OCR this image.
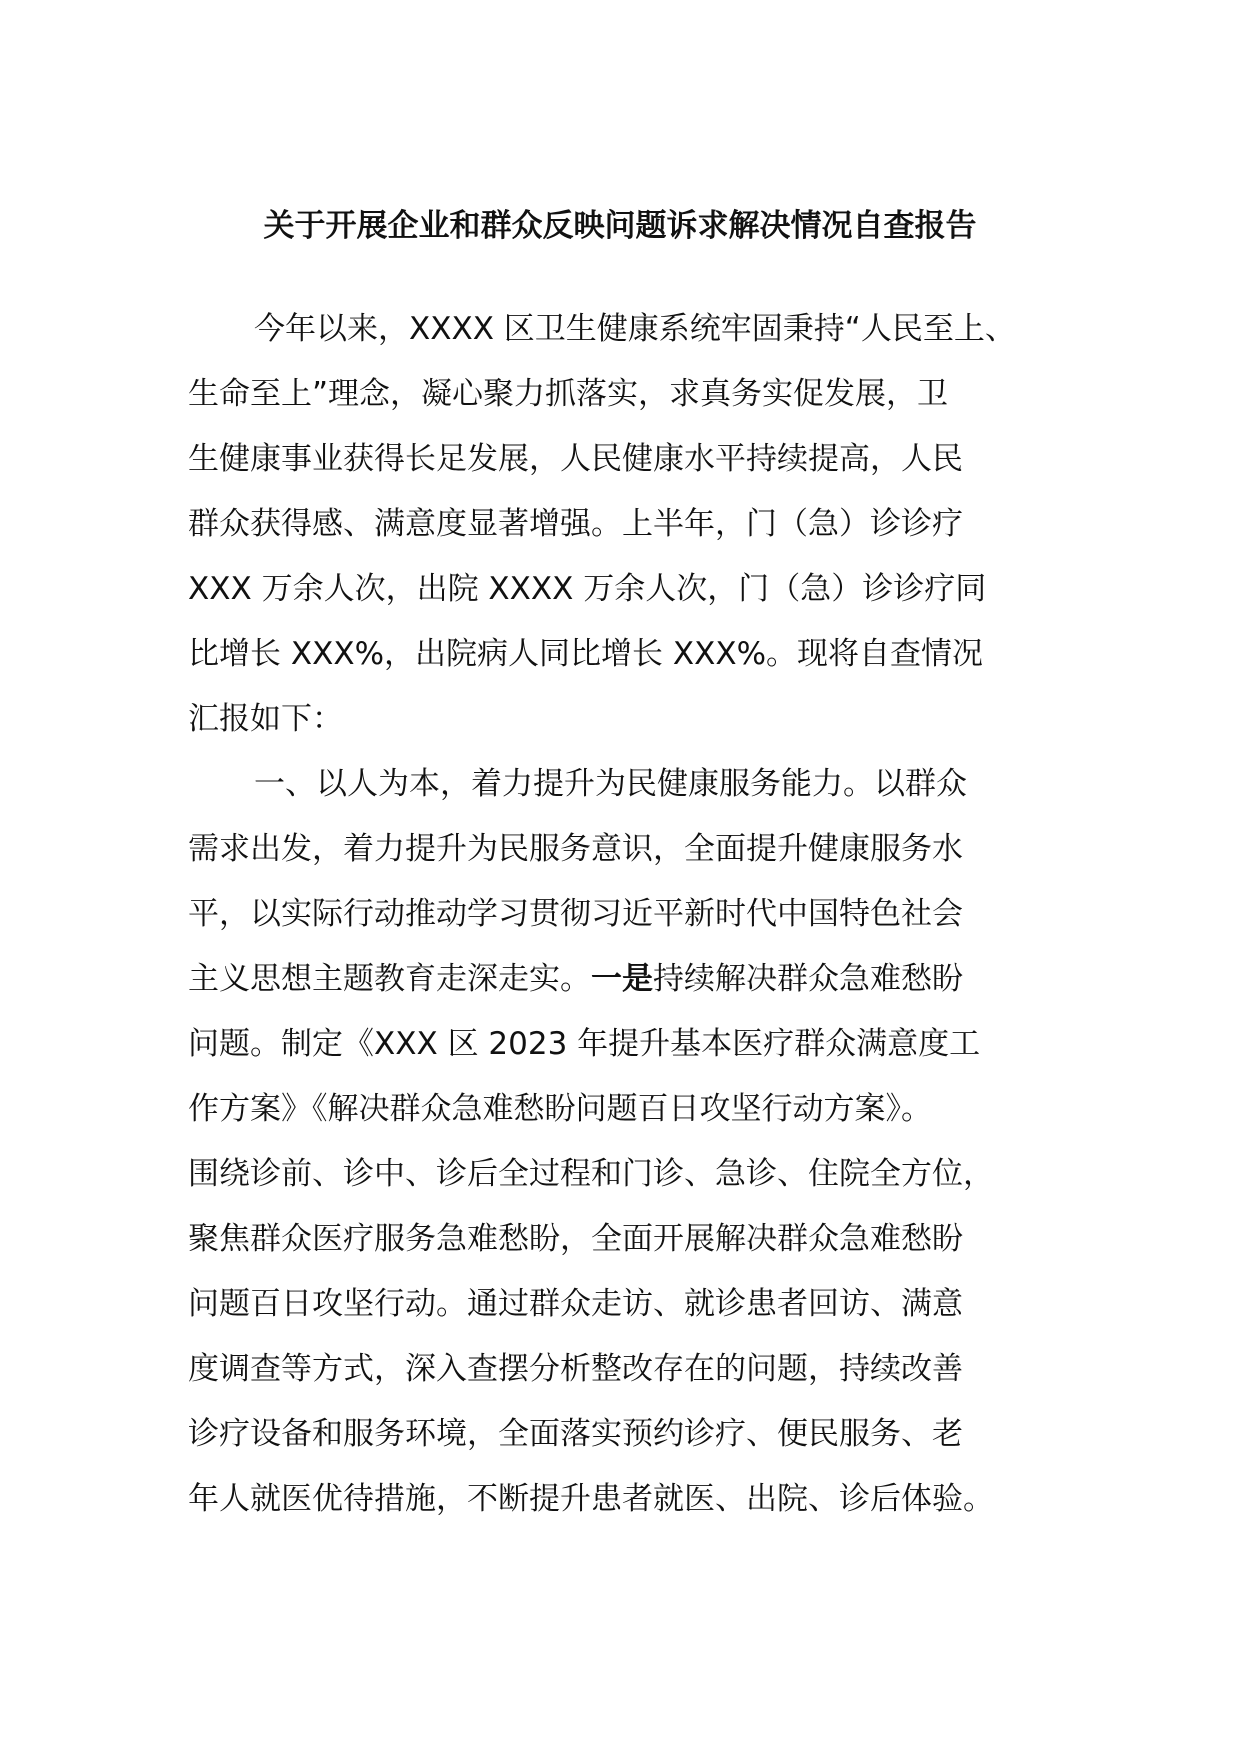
关于开展企业和群众反映问题诉求解决情况自查报告
今年以来，XXXX 区卫生健康系统牢固秉持“人民至上、
生命至上”理念，凝心聚力抓落实，求真务实促发展，卫
生健康事业获得长足发展，人民健康水平持续提高，人民
群众获得感、满意度显著增强。上半年，门（急）诊诊疗
XXX 万余人次，出院 XXXX 万余人次，门（急）诊诊疗同
比增长 XXX%，出院病人同比增长 XXX%。现将自查情况
汇报如下：
一、以人为本，着力提升为民健康服务能力。以群众
需求出发，着力提升为民服务意识，全面提升健康服务水
平，以实际行动推动学习贯彻习近平新时代中国特色社会
主义思想主题教育走深走实。一是持续解决群众急难愁盼
问题。制定《XXX 区 2023 年提升基本医疗群众满意度工
作方案》《解决群众急难愁盼问题百日攻坚行动方案》。
围绕诊前、诊中、诊后全过程和门诊、急诊、住院全方位，
聚焦群众医疗服务急难愁盼，全面开展解决群众急难愁盼
问题百日攻坚行动。通过群众走访、就诊患者回访、满意
度调查等方式，深入查摆分析整改存在的问题，持续改善
诊疗设备和服务环境，全面落实预约诊疗、便民服务、老
年人就医优待措施，不断提升患者就医、出院、诊后体验。
